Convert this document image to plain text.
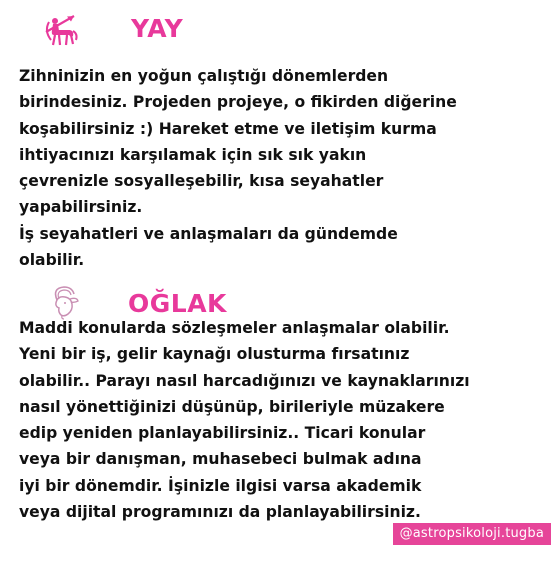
YAY

Zihninizin en yoğun çalıştığı dönemlerden
birindesiniz. Projeden projeye, o fikirden diğerine
koşabilirsiniz :) Hareket etme ve iletişim kurma
ihtiyacınızı karşılamak için sık sık yakın
çevrenizle sosyalleşebilir, kısa seyahatler
yapabilirsiniz.
İş seyahatleri ve anlaşmaları da gündemde
olabilir.

OĞLAK

Maddi konularda sözleşmeler anlaşmalar olabilir.
Yeni bir iş, gelir kaynağı olusturma fırsatınız
olabilir.. Parayı nasıl harcadığınızı ve kaynaklarınızı
nasıl yönettiğinizi düşünüp, birileriyle müzakere
edip yeniden planlayabilirsiniz.. Ticari konular
veya bir danışman, muhasebeci bulmak adına
iyi bir dönemdir. İşinizle ilgisi varsa akademik
veya dijital programınızı da planlayabilirsiniz.

@astropsikoloji.tugba
